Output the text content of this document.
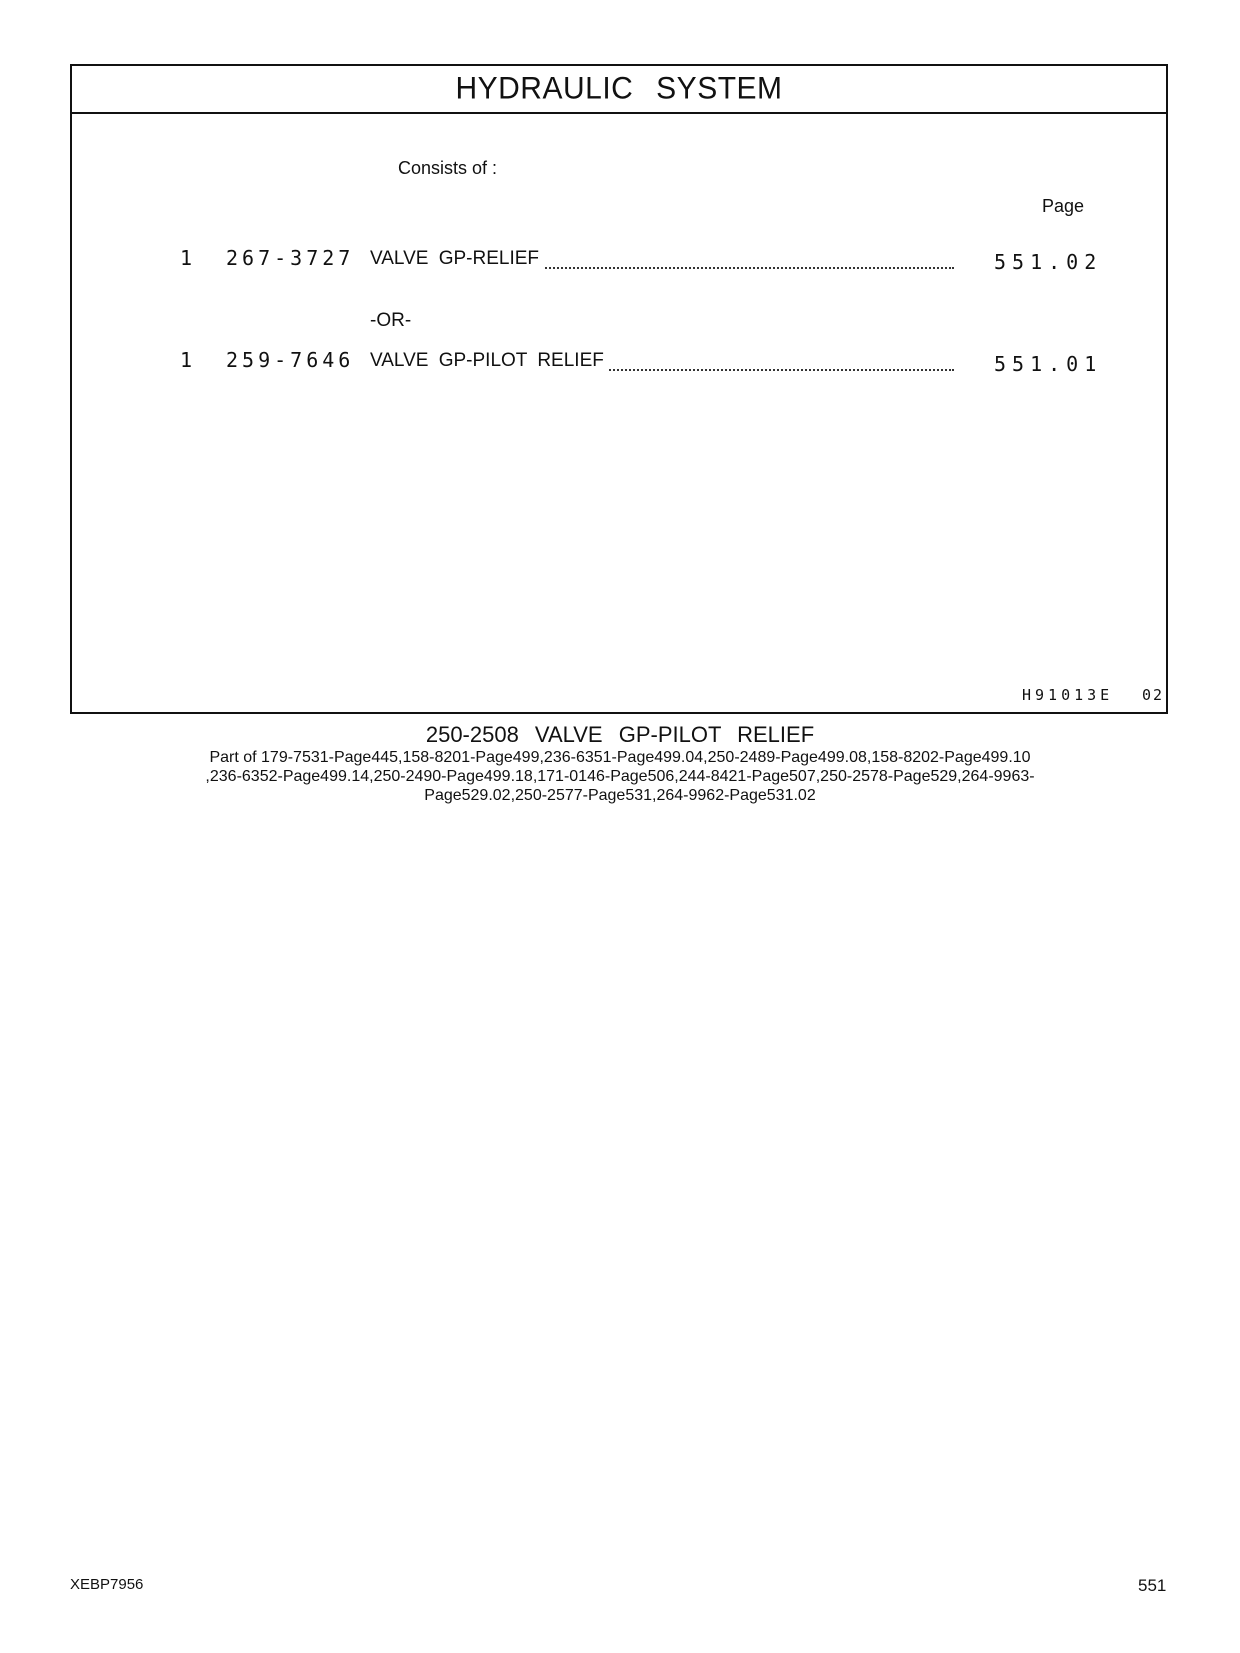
HYDRAULIC SYSTEM
Consists of :
Page
1 267-3727 VALVE GP-RELIEF	551.02
-OR-
1 259-7646 VALVE GP-PILOT RELIEF	551.01
H91013E 02
250-2508 VALVE GP-PILOT RELIEF
Part of 179-7531-Page445,158-8201-Page499,236-6351-Page499.04,250-2489-Page499.08,158-8202-Page499.10
,236-6352-Page499.14,250-2490-Page499.18,171-0146-Page506,244-8421-Page507,250-2578-Page529,264-9963-
Page529.02,250-2577-Page531,264-9962-Page531.02
XEBP7956	551
